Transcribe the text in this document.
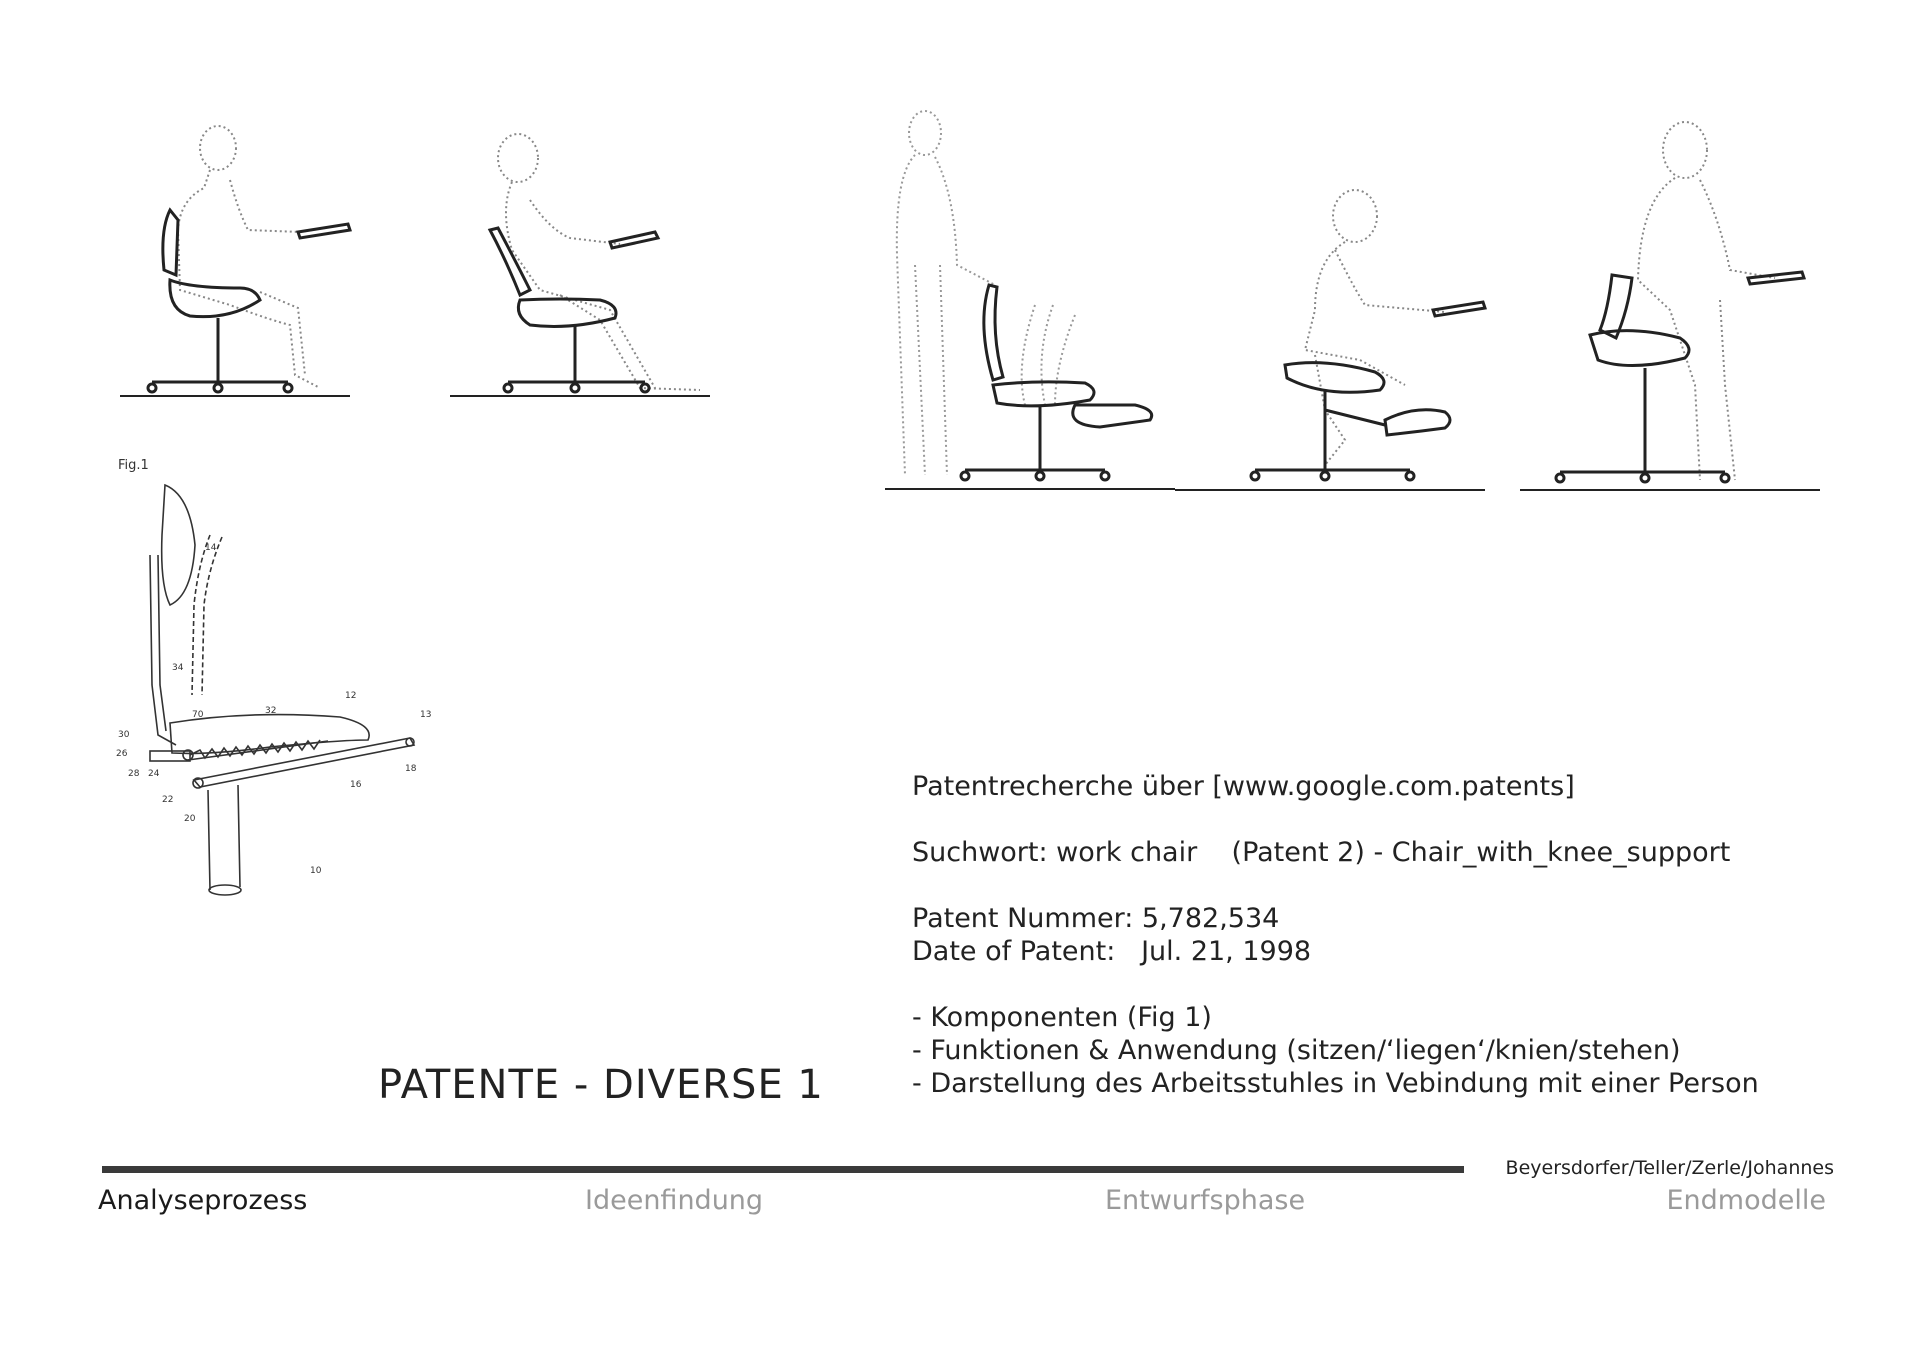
Fig.1
14
34
70	32
12
13
30
26
28 24
22
20
16
18
10

Patentrecherche über [www.google.com.patents]

Suchwort: work chair    (Patent 2) - Chair_with_knee_support

Patent Nummer: 5,782,534

Date of Patent:   Jul. 21, 1998

- Komponenten (Fig 1)

- Funktionen & Anwendung (sitzen/‘liegen‘/knien/stehen)

- Darstellung des Arbeitsstuhles in Vebindung mit einer Person

PATENTE - DIVERSE 1
Beyersdorfer/Teller/Zerle/Johannes
Analyseprozess	Ideenfindung	Entwurfsphase	Endmodelle
